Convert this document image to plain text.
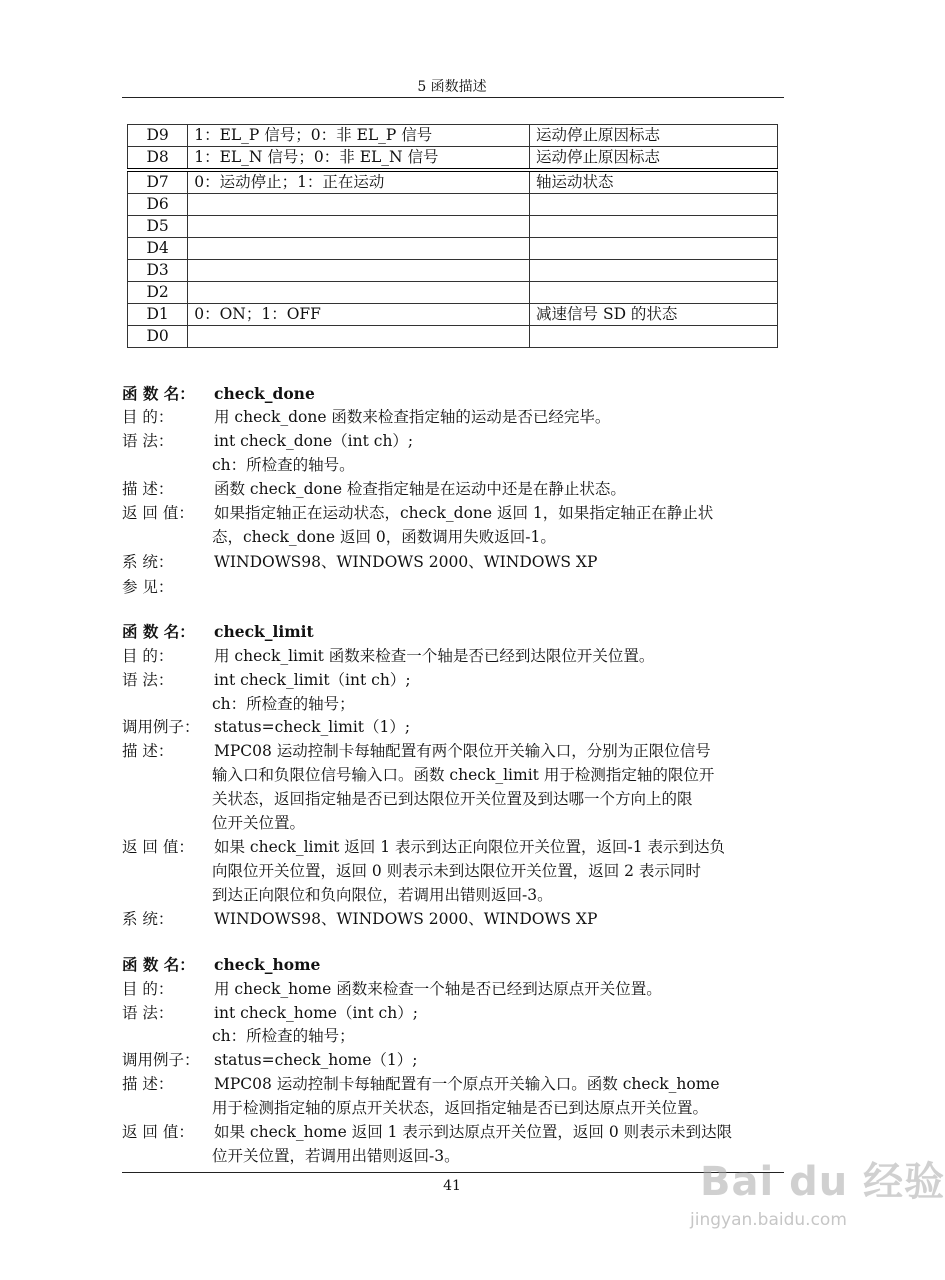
5 函数描述
D9	1：EL_P 信号；0：非 EL_P 信号	运动停止原因标志
D8	1：EL_N 信号；0：非 EL_N 信号	运动停止原因标志
D7	0：运动停止；1：正在运动	轴运动状态
D6		
D5		
D4		
D3		
D2		
D1	0：ON；1：OFF	减速信号 SD 的状态
D0		
函 数 名： check_done
目 的：	用 check_done 函数来检查指定轴的运动是否已经完毕。
语 法：	int check_done（int ch）;
ch：所检查的轴号。
描 述：	函数 check_done 检查指定轴是在运动中还是在静止状态。
返 回 值： 如果指定轴正在运动状态，check_done 返回 1，如果指定轴正在静止状
态，check_done 返回 0，函数调用失败返回-1。
系 统：	WINDOWS98、WINDOWS 2000、WINDOWS XP
参 见：
函 数 名： check_limit
目 的：	用 check_limit 函数来检查一个轴是否已经到达限位开关位置。
语 法：	int check_limit（int ch）;
ch：所检查的轴号；
调用例子： status=check_limit（1）;
描 述：	MPC08 运动控制卡每轴配置有两个限位开关输入口，分别为正限位信号
输入口和负限位信号输入口。函数 check_limit 用于检测指定轴的限位开
关状态，返回指定轴是否已到达限位开关位置及到达哪一个方向上的限
位开关位置。
返 回 值： 如果 check_limit 返回 1 表示到达正向限位开关位置，返回-1 表示到达负
向限位开关位置，返回 0 则表示未到达限位开关位置，返回 2 表示同时
到达正向限位和负向限位，若调用出错则返回-3。
系 统：	WINDOWS98、WINDOWS 2000、WINDOWS XP
函 数 名： check_home
目 的：	用 check_home 函数来检查一个轴是否已经到达原点开关位置。
语 法：	int check_home（int ch）;
ch：所检查的轴号；
调用例子： status=check_home（1）;
描 述：	MPC08 运动控制卡每轴配置有一个原点开关输入口。函数 check_home
用于检测指定轴的原点开关状态，返回指定轴是否已到达原点开关位置。
返 回 值： 如果 check_home 返回 1 表示到达原点开关位置，返回 0 则表示未到达限
位开关位置，若调用出错则返回-3。
41	Bai du 经验
jingyan.baidu.com
